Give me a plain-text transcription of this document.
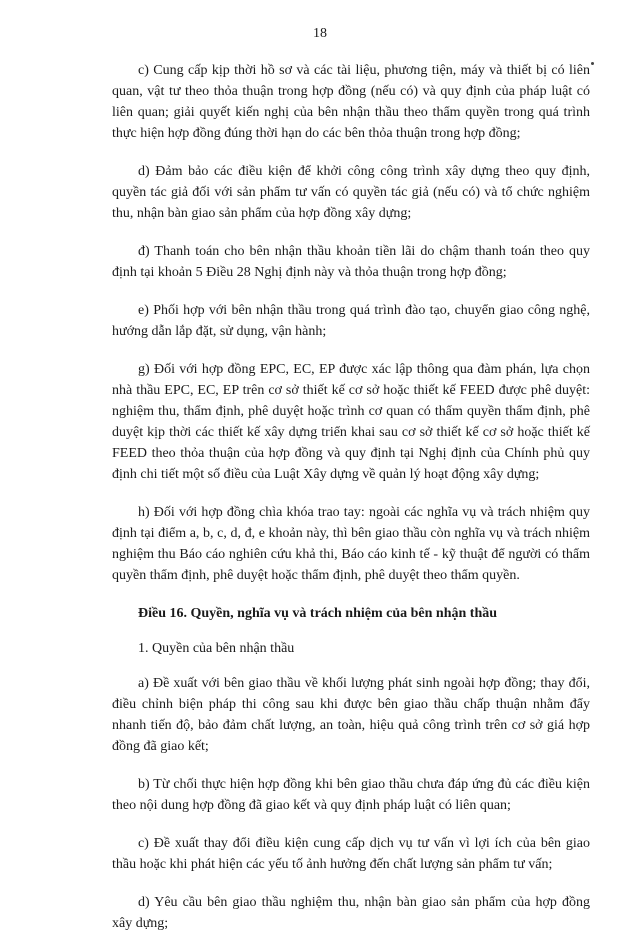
18

c) Cung cấp kịp thời hồ sơ và các tài liệu, phương tiện, máy và thiết bị có liên quan, vật tư theo thỏa thuận trong hợp đồng (nếu có) và quy định của pháp luật có liên quan; giải quyết kiến nghị của bên nhận thầu theo thẩm quyền trong quá trình thực hiện hợp đồng đúng thời hạn do các bên thỏa thuận trong hợp đồng;

d) Đảm bảo các điều kiện để khởi công công trình xây dựng theo quy định, quyền tác giả đối với sản phẩm tư vấn có quyền tác giả (nếu có) và tổ chức nghiệm thu, nhận bàn giao sản phẩm của hợp đồng xây dựng;

đ) Thanh toán cho bên nhận thầu khoản tiền lãi do chậm thanh toán theo quy định tại khoản 5 Điều 28 Nghị định này và thỏa thuận trong hợp đồng;

e) Phối hợp với bên nhận thầu trong quá trình đào tạo, chuyển giao công nghệ, hướng dẫn lắp đặt, sử dụng, vận hành;

g) Đối với hợp đồng EPC, EC, EP được xác lập thông qua đàm phán, lựa chọn nhà thầu EPC, EC, EP trên cơ sở thiết kế cơ sở hoặc thiết kế FEED được phê duyệt: nghiệm thu, thẩm định, phê duyệt hoặc trình cơ quan có thẩm quyền thẩm định, phê duyệt kịp thời các thiết kế xây dựng triển khai sau cơ sở thiết kế cơ sở hoặc thiết kế FEED theo thỏa thuận của hợp đồng và quy định tại Nghị định của Chính phủ quy định chi tiết một số điều của Luật Xây dựng về quản lý hoạt động xây dựng;

h) Đối với hợp đồng chìa khóa trao tay: ngoài các nghĩa vụ và trách nhiệm quy định tại điểm a, b, c, d, đ, e khoản này, thì bên giao thầu còn nghĩa vụ và trách nhiệm nghiệm thu Báo cáo nghiên cứu khả thi, Báo cáo kinh tế - kỹ thuật để người có thẩm quyền thẩm định, phê duyệt hoặc thẩm định, phê duyệt theo thẩm quyền.

Điều 16. Quyền, nghĩa vụ và trách nhiệm của bên nhận thầu

1. Quyền của bên nhận thầu

a) Đề xuất với bên giao thầu về khối lượng phát sinh ngoài hợp đồng; thay đổi, điều chỉnh biện pháp thi công sau khi được bên giao thầu chấp thuận nhằm đẩy nhanh tiến độ, bảo đảm chất lượng, an toàn, hiệu quả công trình trên cơ sở giá hợp đồng đã giao kết;

b) Từ chối thực hiện hợp đồng khi bên giao thầu chưa đáp ứng đủ các điều kiện theo nội dung hợp đồng đã giao kết và quy định pháp luật có liên quan;

c) Đề xuất thay đổi điều kiện cung cấp dịch vụ tư vấn vì lợi ích của bên giao thầu hoặc khi phát hiện các yếu tố ảnh hưởng đến chất lượng sản phẩm tư vấn;

d) Yêu cầu bên giao thầu nghiệm thu, nhận bàn giao sản phẩm của hợp đồng xây dựng;
